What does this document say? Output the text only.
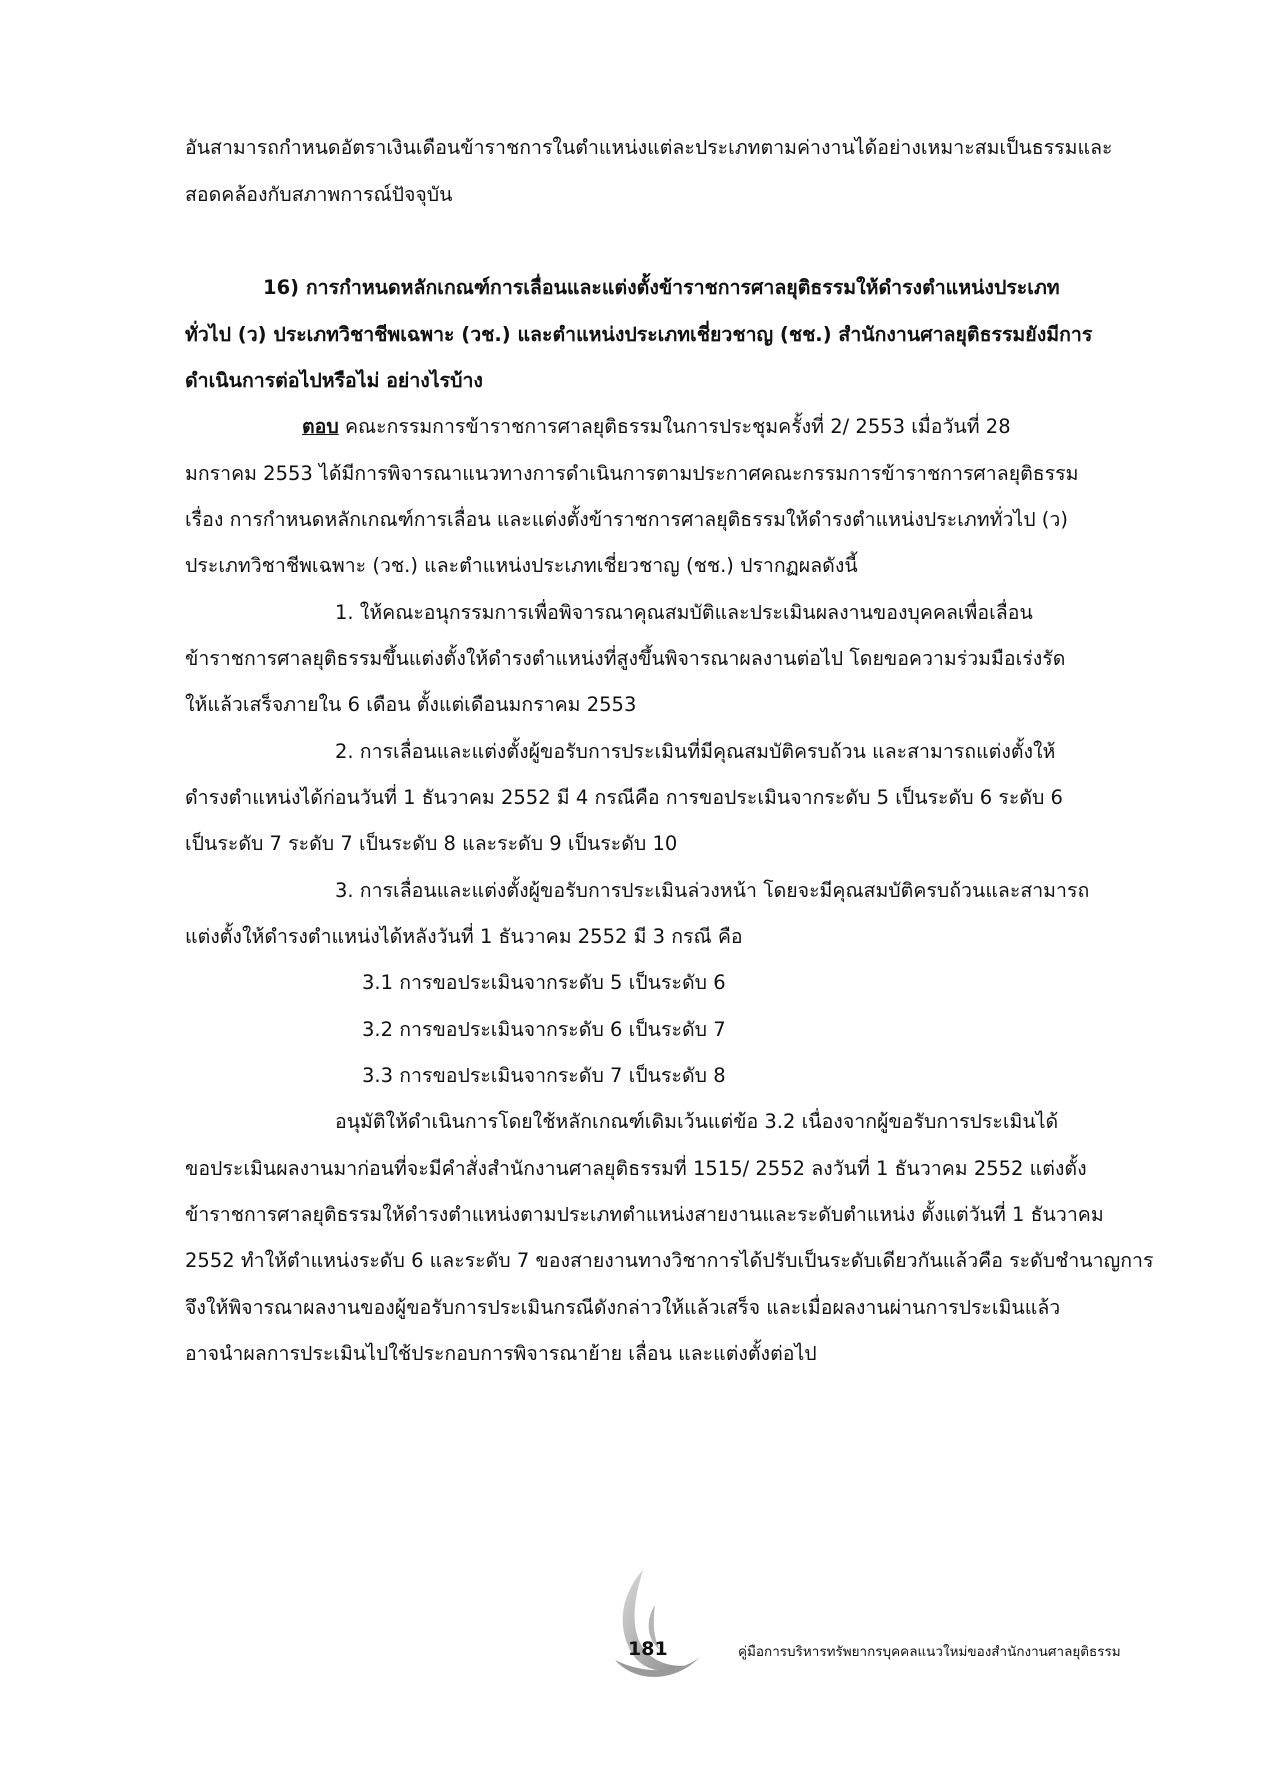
อันสามารถกำหนดอัตราเงินเดือนข้าราชการในตำแหน่งแต่ละประเภทตามค่างานได้อย่างเหมาะสมเป็นธรรมและ
สอดคล้องกับสภาพการณ์ปัจจุบัน
16) การกำหนดหลักเกณฑ์การเลื่อนและแต่งตั้งข้าราชการศาลยุติธรรมให้ดำรงตำแหน่งประเภท
ทั่วไป (ว) ประเภทวิชาชีพเฉพาะ (วช.) และตำแหน่งประเภทเชี่ยวชาญ (ชช.) สำนักงานศาลยุติธรรมยังมีการ
ดำเนินการต่อไปหรือไม่ อย่างไรบ้าง
ตอบ คณะกรรมการข้าราชการศาลยุติธรรมในการประชุมครั้งที่ 2/ 2553 เมื่อวันที่ 28
มกราคม 2553 ได้มีการพิจารณาแนวทางการดำเนินการตามประกาศคณะกรรมการข้าราชการศาลยุติธรรม
เรื่อง การกำหนดหลักเกณฑ์การเลื่อน และแต่งตั้งข้าราชการศาลยุติธรรมให้ดำรงตำแหน่งประเภททั่วไป (ว)
ประเภทวิชาชีพเฉพาะ (วช.) และตำแหน่งประเภทเชี่ยวชาญ (ชช.) ปรากฏผลดังนี้
1. ให้คณะอนุกรรมการเพื่อพิจารณาคุณสมบัติและประเมินผลงานของบุคคลเพื่อเลื่อน
ข้าราชการศาลยุติธรรมขึ้นแต่งตั้งให้ดำรงตำแหน่งที่สูงขึ้นพิจารณาผลงานต่อไป โดยขอความร่วมมือเร่งรัด
ให้แล้วเสร็จภายใน 6 เดือน ตั้งแต่เดือนมกราคม 2553
2. การเลื่อนและแต่งตั้งผู้ขอรับการประเมินที่มีคุณสมบัติครบถ้วน และสามารถแต่งตั้งให้
ดำรงตำแหน่งได้ก่อนวันที่ 1 ธันวาคม 2552 มี 4 กรณีคือ การขอประเมินจากระดับ 5 เป็นระดับ 6 ระดับ 6
เป็นระดับ 7 ระดับ 7 เป็นระดับ 8 และระดับ 9 เป็นระดับ 10
3. การเลื่อนและแต่งตั้งผู้ขอรับการประเมินล่วงหน้า โดยจะมีคุณสมบัติครบถ้วนและสามารถ
แต่งตั้งให้ดำรงตำแหน่งได้หลังวันที่ 1 ธันวาคม 2552 มี 3 กรณี คือ
3.1 การขอประเมินจากระดับ 5 เป็นระดับ 6
3.2 การขอประเมินจากระดับ 6 เป็นระดับ 7
3.3 การขอประเมินจากระดับ 7 เป็นระดับ 8
อนุมัติให้ดำเนินการโดยใช้หลักเกณฑ์เดิมเว้นแต่ข้อ 3.2 เนื่องจากผู้ขอรับการประเมินได้
ขอประเมินผลงานมาก่อนที่จะมีคำสั่งสำนักงานศาลยุติธรรมที่ 1515/ 2552 ลงวันที่ 1 ธันวาคม 2552 แต่งตั้ง
ข้าราชการศาลยุติธรรมให้ดำรงตำแหน่งตามประเภทตำแหน่งสายงานและระดับตำแหน่ง ตั้งแต่วันที่ 1 ธันวาคม
2552 ทำให้ตำแหน่งระดับ 6 และระดับ 7 ของสายงานทางวิชาการได้ปรับเป็นระดับเดียวกันแล้วคือ ระดับชำนาญการ
จึงให้พิจารณาผลงานของผู้ขอรับการประเมินกรณีดังกล่าวให้แล้วเสร็จ และเมื่อผลงานผ่านการประเมินแล้ว
อาจนำผลการประเมินไปใช้ประกอบการพิจารณาย้าย เลื่อน และแต่งตั้งต่อไป
181	คู่มือการบริหารทรัพยากรบุคคลแนวใหม่ของสำนักงานศาลยุติธรรม
